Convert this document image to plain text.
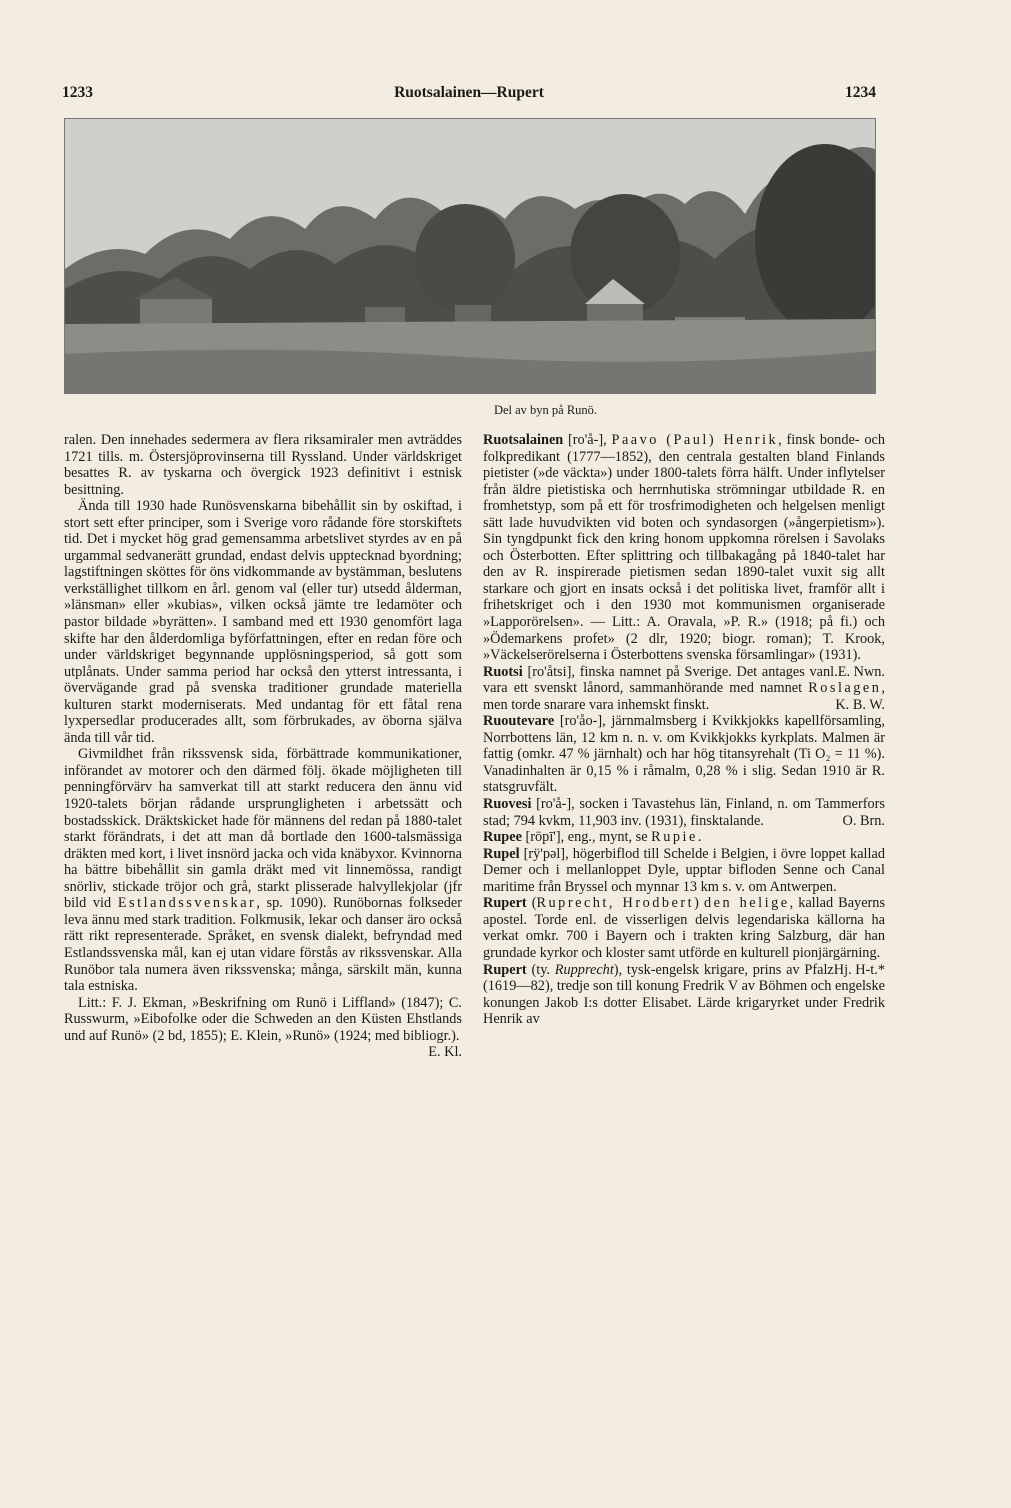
1233	Ruotsalainen—Rupert	1234
Del av byn på Runö.

ralen. Den innehades sedermera av flera riksamiraler men avträddes 1721 tills. m. Östersjöprovinserna till Ryssland. Under världskriget besattes R. av tyskarna och övergick 1923 definitivt i estnisk besittning.

Ända till 1930 hade Runösvenskarna bibehållit sin by oskiftad, i stort sett efter principer, som i Sverige voro rådande före storskiftets tid. Det i mycket hög grad gemensamma arbetslivet styrdes av en på urgammal sedvanerätt grundad, endast delvis upptecknad byordning; lagstiftningen sköttes för öns vidkommande av bystämman, beslutens verkställighet tillkom en årl. genom val (eller tur) utsedd ålderman, »länsman» eller »kubias», vilken också jämte tre ledamöter och pastor bildade »byrätten». I samband med ett 1930 genomfört laga skifte har den ålderdomliga byförfattningen, efter en redan före och under världskriget begynnande upplösningsperiod, så gott som utplånats. Under samma period har också den ytterst intressanta, i övervägande grad på svenska traditioner grundade materiella kulturen starkt moderniserats. Med undantag för ett fåtal rena lyxpersedlar producerades allt, som förbrukades, av öborna själva ända till vår tid.

Givmildhet från rikssvensk sida, förbättrade kommunikationer, införandet av motorer och den därmed följ. ökade möjligheten till penningförvärv ha samverkat till att starkt reducera den ännu vid 1920-talets början rådande ursprungligheten i arbetssätt och bostadsskick. Dräktskicket hade för männens del redan på 1880-talet starkt förändrats, i det att man då bortlade den 1600-talsmässiga dräkten med kort, i livet insnörd jacka och vida knäbyxor. Kvinnorna ha bättre bibehållit sin gamla dräkt med vit linnemössa, randigt snörliv, stickade tröjor och grå, starkt plisserade halvyllekjolar (jfr bild vid Estlandssvenskar, sp. 1090). Runöbornas folkseder leva ännu med stark tradition. Folkmusik, lekar och danser äro också rätt rikt representerade. Språket, en svensk dialekt, befryndad med Estlandssvenska mål, kan ej utan vidare förstås av rikssvenskar. Alla Runöbor tala numera även rikssvenska; många, särskilt män, kunna tala estniska.

Litt.: F. J. Ekman, »Beskrifning om Runö i Liffland» (1847); C. Russwurm, »Eibofolke oder die Schweden an den Küsten Ehstlands und auf Runö» (2 bd, 1855); E. Klein, »Runö» (1924; med bibliogr.).
E. Kl.

Ruotsalainen [ro'å-], Paavo (Paul) Henrik, finsk bonde- och folkpredikant (1777—1852), den centrala gestalten bland Finlands pietister (»de väckta») under 1800-talets förra hälft. Under inflytelser från äldre pietistiska och herrnhutiska strömningar utbildade R. en fromhetstyp, som på ett för trosfrimodigheten och helgelsen menligt sätt lade huvudvikten vid boten och syndasorgen (»ångerpietism»). Sin tyngdpunkt fick den kring honom uppkomna rörelsen i Savolaks och Österbotten. Efter splittring och tillbakagång på 1840-talet har den av R. inspirerade pietismen sedan 1890-talet vuxit sig allt starkare och gjort en insats också i det politiska livet, framför allt i frihetskriget och i den 1930 mot kommunismen organiserade »Lapporörelsen». — Litt.: A. Oravala, »P. R.» (1918; på fi.) och »Ödemarkens profet» (2 dlr, 1920; biogr. roman); T. Krook, »Väckelserörelserna i Österbottens svenska församlingar» (1931).
E. Nwn.

Ruotsi [ro'åtsi], finska namnet på Sverige. Det antages vanl. vara ett svenskt lånord, sammanhörande med namnet Roslagen, men torde snarare vara inhemskt finskt.	K. B. W.

Ruoutevare [ro'åo-], järnmalmsberg i Kvikkjokks kapellförsamling, Norrbottens län, 12 km n. n. v. om Kvikkjokks kyrkplats. Malmen är fattig (omkr. 47 % järnhalt) och har hög titansyrehalt (Ti O₂ = 11 %). Vanadinhalten är 0,15 % i råmalm, 0,28 % i slig. Sedan 1910 är R. statsgruvfält.

Ruovesi [ro'å-], socken i Tavastehus län, Finland, n. om Tammerfors stad; 794 kvkm, 11,903 inv. (1931), finsktalande.	O. Brn.

Rupee [rōpī'], eng., mynt, se Rupie.

Rupel [rÿ'pəl], högerbiflod till Schelde i Belgien, i övre loppet kallad Demer och i mellanloppet Dyle, upptar bifloden Senne och Canal maritime från Bryssel och mynnar 13 km s. v. om Antwerpen.

Rupert (Ruprecht, Hrodbert) den helige, kallad Bayerns apostel. Torde enl. de visserligen delvis legendariska källorna ha verkat omkr. 700 i Bayern och i trakten kring Salzburg, där han grundade kyrkor och kloster samt utförde en kulturell pionjärgärning.
Hj. H-t.*

Rupert (ty. Rupprecht), tysk-engelsk krigare, prins av Pfalz (1619—82), tredje son till konung Fredrik V av Böhmen och engelske konungen Jakob I:s dotter Elisabet. Lärde krigaryrket under Fredrik Henrik av
